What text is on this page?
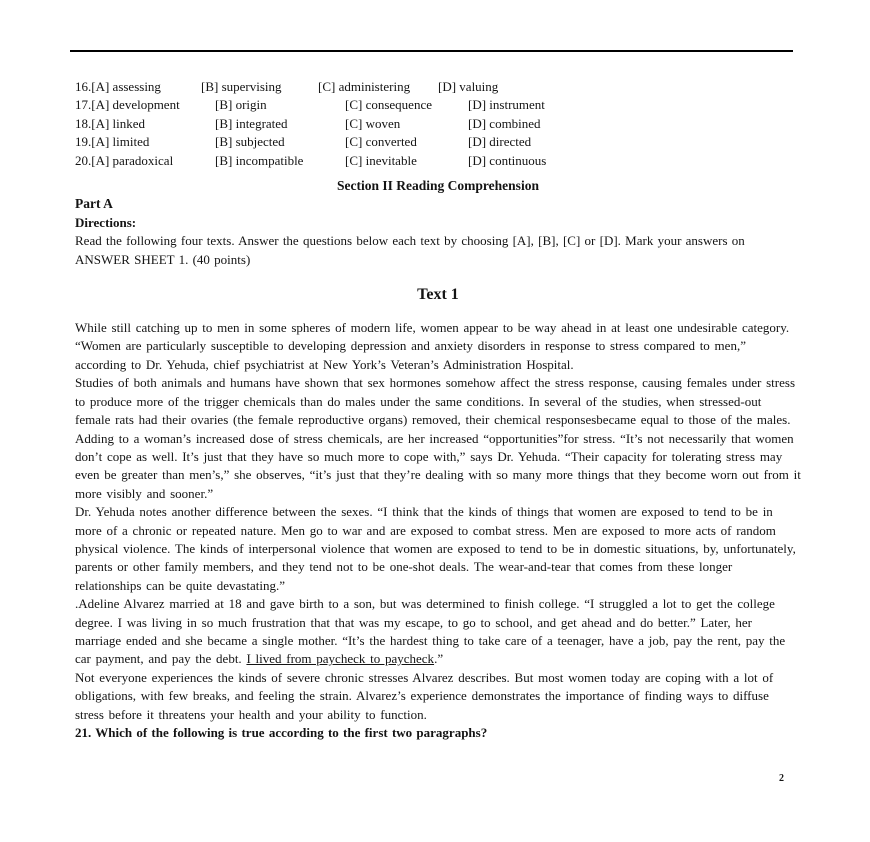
16.[A] assessing	[B] supervising	[C] administering [D] valuing
17.[A] development	[B] origin	[C] consequence	[D] instrument
18.[A] linked	[B] integrated	[C] woven	[D] combined
19.[A] limited	[B] subjected	[C] converted	[D] directed
20.[A] paradoxical	[B] incompatible	[C] inevitable	[D] continuous
Section II Reading Comprehension
Part A
Directions:
Read the following four texts. Answer the questions below each text by choosing [A], [B], [C] or [D]. Mark your answers on ANSWER SHEET 1. (40 points)
Text 1

While still catching up to men in some spheres of modern life, women appear to be way ahead in at least one undesirable category. “Women are particularly susceptible to developing depression and anxiety disorders in response to stress compared to men,” according to Dr. Yehuda, chief psychiatrist at New York’s Veteran’s Administration Hospital.

Studies of both animals and humans have shown that sex hormones somehow affect the stress response, causing females under stress to produce more of the trigger chemicals than do males under the same conditions. In several of the studies, when stressed-out female rats had their ovaries (the female reproductive organs) removed, their chemical responsesbecame equal to those of the males.

Adding to a woman’s increased dose of stress chemicals, are her increased “opportunities”for stress. “It’s not necessarily that women don’t cope as well. It’s just that they have so much more to cope with,” says Dr. Yehuda. “Their capacity for tolerating stress may even be greater than men’s,” she observes, “it’s just that they’re dealing with so many more things that they become worn out from it more visibly and sooner.”

Dr. Yehuda notes another difference between the sexes. “I think that the kinds of things that women are exposed to tend to be in more of a chronic or repeated nature. Men go to war and are exposed to combat stress. Men are exposed to more acts of random physical violence. The kinds of interpersonal violence that women are exposed to tend to be in domestic situations, by, unfortunately, parents or other family members, and they tend not to be one-shot deals. The wear-and-tear that comes from these longer relationships can be quite devastating.”

.Adeline Alvarez married at 18 and gave birth to a son, but was determined to finish college. “I struggled a lot to get the college degree. I was living in so much frustration that that was my escape, to go to school, and get ahead and do better.” Later, her marriage ended and she became a single mother. “It’s the hardest thing to take care of a teenager, have a job, pay the rent, pay the car payment, and pay the debt. I lived from paycheck to paycheck.”

Not everyone experiences the kinds of severe chronic stresses Alvarez describes. But most women today are coping with a lot of obligations, with few breaks, and feeling the strain. Alvarez’s experience demonstrates the importance of finding ways to diffuse stress before it threatens your health and your ability to function.

21. Which of the following is true according to the first two paragraphs?
2
